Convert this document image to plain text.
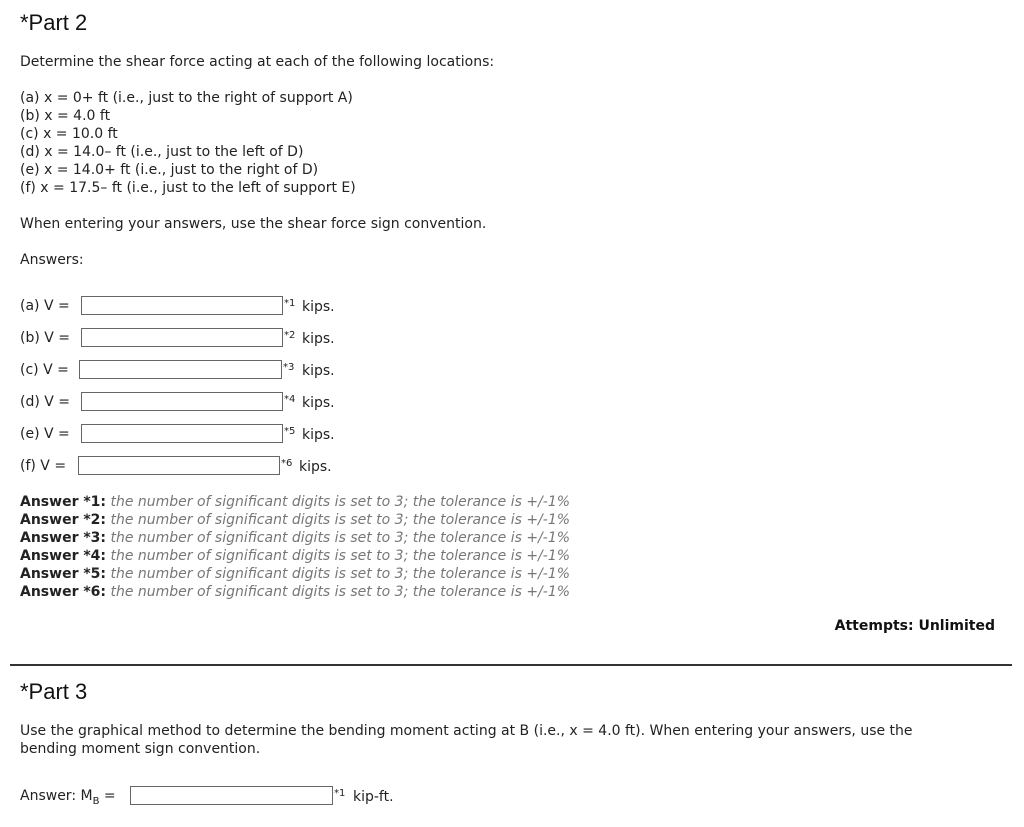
*Part 2
Determine the shear force acting at each of the following locations:
(a) x = 0+ ft (i.e., just to the right of support A)
(b) x = 4.0 ft
(c) x = 10.0 ft
(d) x = 14.0– ft (i.e., just to the left of D)
(e) x = 14.0+ ft (i.e., just to the right of D)
(f) x = 17.5– ft (i.e., just to the left of support E)
When entering your answers, use the shear force sign convention.
Answers:
(a) V =	*1 kips.
(b) V =	*2 kips.
(c) V =	*3 kips.
(d) V =	*4 kips.
(e) V =	*5 kips.
(f) V =	*6 kips.
Answer *1: the number of significant digits is set to 3; the tolerance is +/-1%
Answer *2: the number of significant digits is set to 3; the tolerance is +/-1%
Answer *3: the number of significant digits is set to 3; the tolerance is +/-1%
Answer *4: the number of significant digits is set to 3; the tolerance is +/-1%
Answer *5: the number of significant digits is set to 3; the tolerance is +/-1%
Answer *6: the number of significant digits is set to 3; the tolerance is +/-1%
Attempts: Unlimited
*Part 3
Use the graphical method to determine the bending moment acting at B (i.e., x = 4.0 ft). When entering your answers, use the
bending moment sign convention.
Answer: $M_B$ =	*1 kip-ft.
